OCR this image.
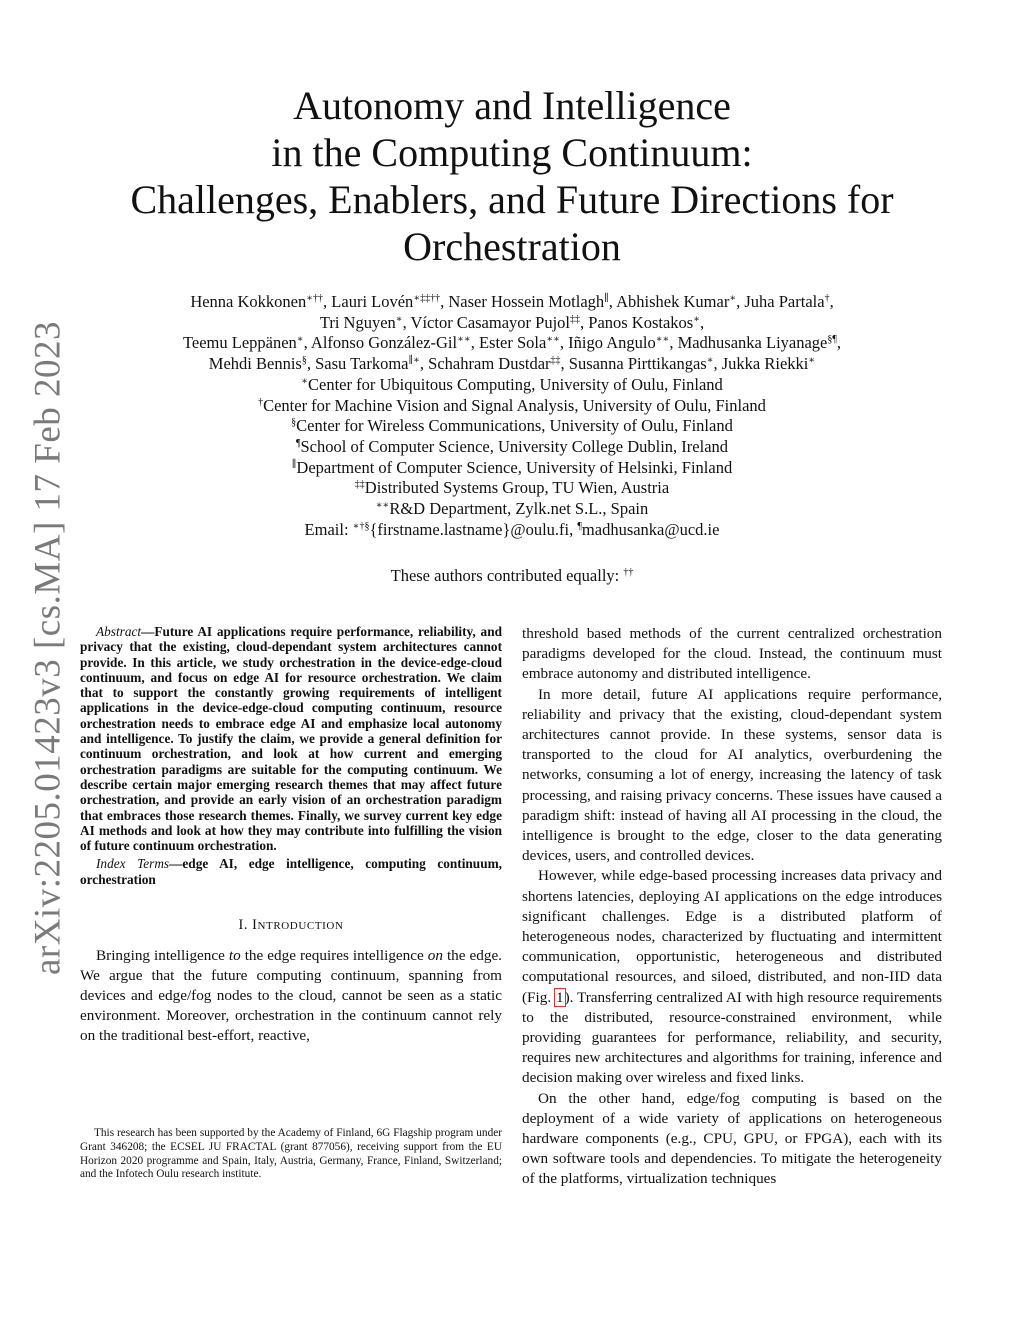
arXiv:2205.01423v3 [cs.MA] 17 Feb 2023
Autonomy and Intelligence
in the Computing Continuum:
Challenges, Enablers, and Future Directions for
Orchestration
Henna Kokkonen∗††, Lauri Lovén∗‡‡††, Naser Hossein Motlagh∥, Abhishek Kumar∗, Juha Partala†,
Tri Nguyen∗, Víctor Casamayor Pujol‡‡, Panos Kostakos∗,
Teemu Leppänen∗, Alfonso González-Gil∗∗, Ester Sola∗∗, Iñigo Angulo∗∗, Madhusanka Liyanage§¶,
Mehdi Bennis§, Sasu Tarkoma∥∗, Schahram Dustdar‡‡, Susanna Pirttikangas∗, Jukka Riekki∗
∗Center for Ubiquitous Computing, University of Oulu, Finland
†Center for Machine Vision and Signal Analysis, University of Oulu, Finland
§Center for Wireless Communications, University of Oulu, Finland
¶School of Computer Science, University College Dublin, Ireland
∥Department of Computer Science, University of Helsinki, Finland
‡‡Distributed Systems Group, TU Wien, Austria
∗∗R&D Department, Zylk.net S.L., Spain
Email: ∗†§{firstname.lastname}@oulu.fi, ¶madhusanka@ucd.ie
These authors contributed equally: ††

Abstract—Future AI applications require performance, reliability, and privacy that the existing, cloud-dependant system architectures cannot provide. In this article, we study orchestration in the device-edge-cloud continuum, and focus on edge AI for resource orchestration. We claim that to support the constantly growing requirements of intelligent applications in the device-edge-cloud computing continuum, resource orchestration needs to embrace edge AI and emphasize local autonomy and intelligence. To justify the claim, we provide a general definition for continuum orchestration, and look at how current and emerging orchestration paradigms are suitable for the computing continuum. We describe certain major emerging research themes that may affect future orchestration, and provide an early vision of an orchestration paradigm that embraces those research themes. Finally, we survey current key edge AI methods and look at how they may contribute into fulfilling the vision of future continuum orchestration.

Index Terms—edge AI, edge intelligence, computing continuum, orchestration

I. INTRODUCTION

Bringing intelligence to the edge requires intelligence on the edge. We argue that the future computing continuum, spanning from devices and edge/fog nodes to the cloud, cannot be seen as a static environment. Moreover, orchestration in the continuum cannot rely on the traditional best-effort, reactive,

This research has been supported by the Academy of Finland, 6G Flagship program under Grant 346208; the ECSEL JU FRACTAL (grant 877056), receiving support from the EU Horizon 2020 programme and Spain, Italy, Austria, Germany, France, Finland, Switzerland; and the Infotech Oulu research institute.

threshold based methods of the current centralized orchestration paradigms developed for the cloud. Instead, the continuum must embrace autonomy and distributed intelligence.

In more detail, future AI applications require performance, reliability and privacy that the existing, cloud-dependant system architectures cannot provide. In these systems, sensor data is transported to the cloud for AI analytics, overburdening the networks, consuming a lot of energy, increasing the latency of task processing, and raising privacy concerns. These issues have caused a paradigm shift: instead of having all AI processing in the cloud, the intelligence is brought to the edge, closer to the data generating devices, users, and controlled devices.

However, while edge-based processing increases data privacy and shortens latencies, deploying AI applications on the edge introduces significant challenges. Edge is a distributed platform of heterogeneous nodes, characterized by fluctuating and intermittent communication, opportunistic, heterogeneous and distributed computational resources, and siloed, distributed, and non-IID data (Fig. 1). Transferring centralized AI with high resource requirements to the distributed, resource-constrained environment, while providing guarantees for performance, reliability, and security, requires new architectures and algorithms for training, inference and decision making over wireless and fixed links.

On the other hand, edge/fog computing is based on the deployment of a wide variety of applications on heterogeneous hardware components (e.g., CPU, GPU, or FPGA), each with its own software tools and dependencies. To mitigate the heterogeneity of the platforms, virtualization techniques
